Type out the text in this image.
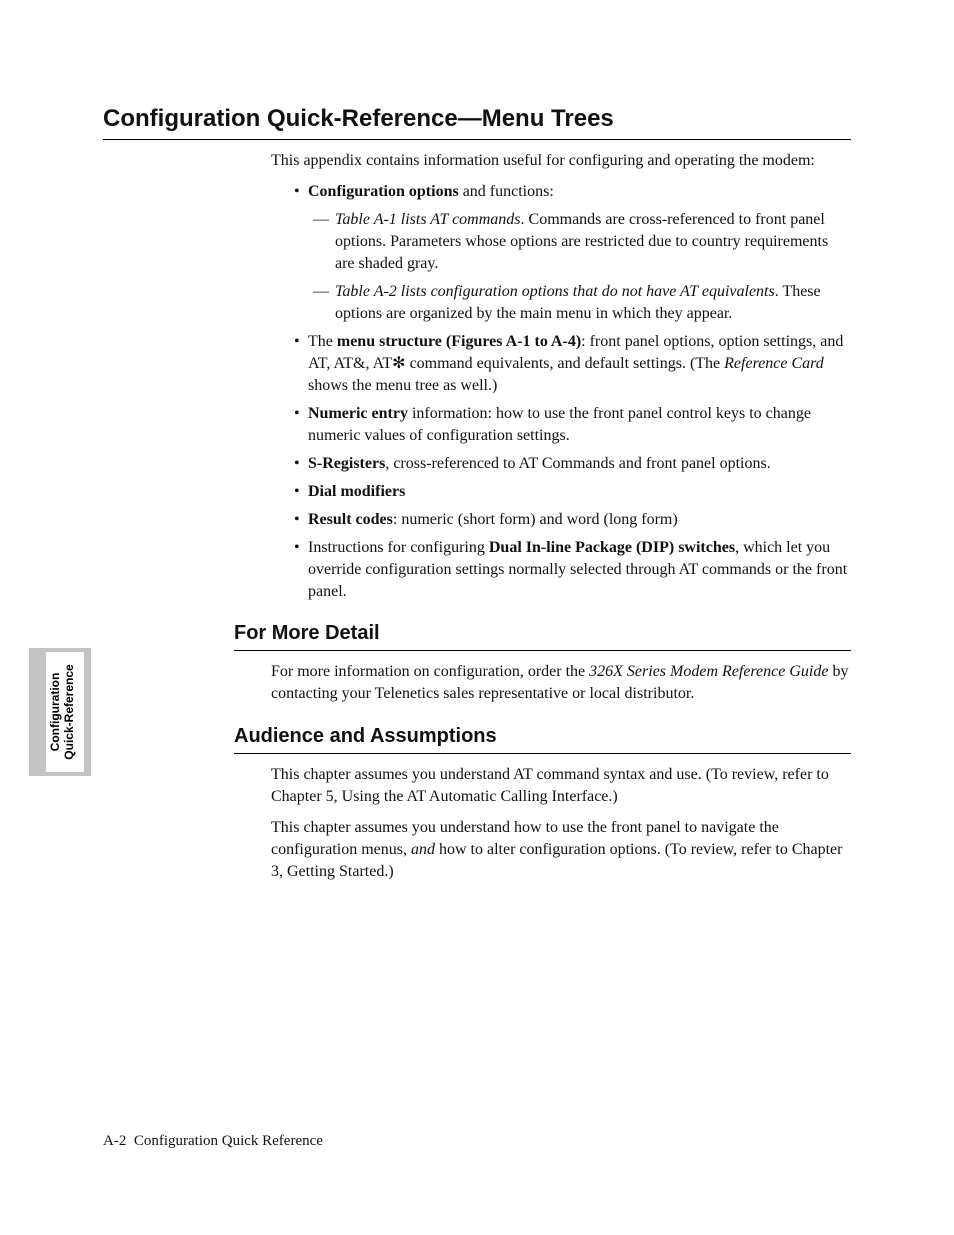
Configuration Quick-Reference—Menu Trees
This appendix contains information useful for configuring and operating the modem:
• Configuration options and functions:
— Table A-1 lists AT commands. Commands are cross-referenced to front panel options. Parameters whose options are restricted due to country requirements are shaded gray.
— Table A-2 lists configuration options that do not have AT equivalents. These options are organized by the main menu in which they appear.
• The menu structure (Figures A-1 to A-4): front panel options, option settings, and AT, AT&, AT✻ command equivalents, and default settings. (The Reference Card shows the menu tree as well.)
• Numeric entry information: how to use the front panel control keys to change numeric values of configuration settings.
• S-Registers, cross-referenced to AT Commands and front panel options.
• Dial modifiers
• Result codes: numeric (short form) and word (long form)
• Instructions for configuring Dual In-line Package (DIP) switches, which let you override configuration settings normally selected through AT commands or the front panel.
For More Detail
For more information on configuration, order the 326X Series Modem Reference Guide by contacting your Telenetics sales representative or local distributor.
Audience and Assumptions

This chapter assumes you understand AT command syntax and use. (To review, refer to Chapter 5, Using the AT Automatic Calling Interface.)

This chapter assumes you understand how to use the front panel to navigate the configuration menus, and how to alter configuration options. (To review, refer to Chapter 3, Getting Started.)

Configuration Quick-Reference
A-2  Configuration Quick Reference
